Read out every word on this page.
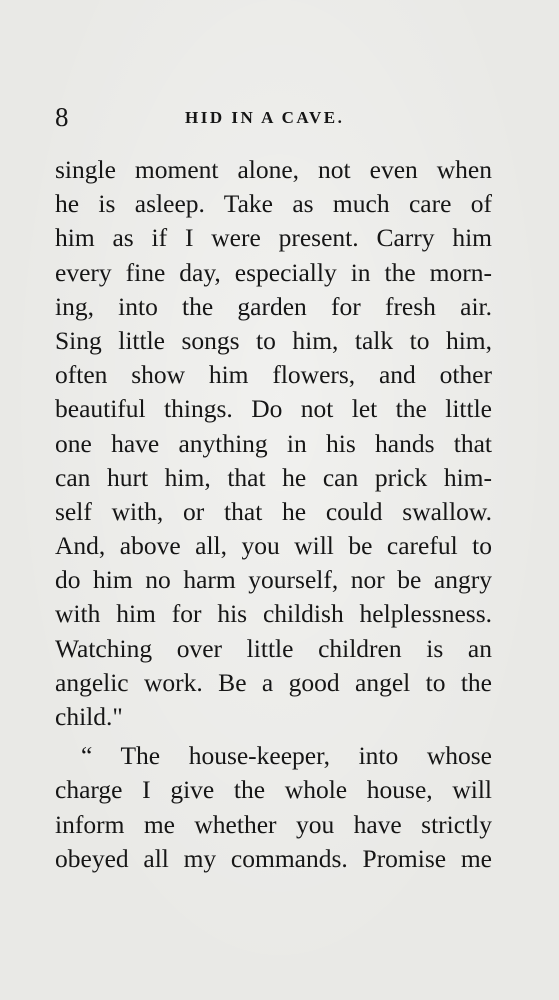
8	HID IN A CAVE.
single moment alone, not even when
he is asleep. Take as much care of
him as if I were present. Carry him
every fine day, especially in the morn-
ing, into the garden for fresh air.
Sing little songs to him, talk to him,
often show him flowers, and other
beautiful things. Do not let the little
one have anything in his hands that
can hurt him, that he can prick him-
self with, or that he could swallow.
And, above all, you will be careful to
do him no harm yourself, nor be angry
with him for his childish helplessness.
Watching over little children is an
angelic work. Be a good angel to the
child."
“ The house-keeper, into whose
charge I give the whole house, will
inform me whether you have strictly
obeyed all my commands. Promise me
